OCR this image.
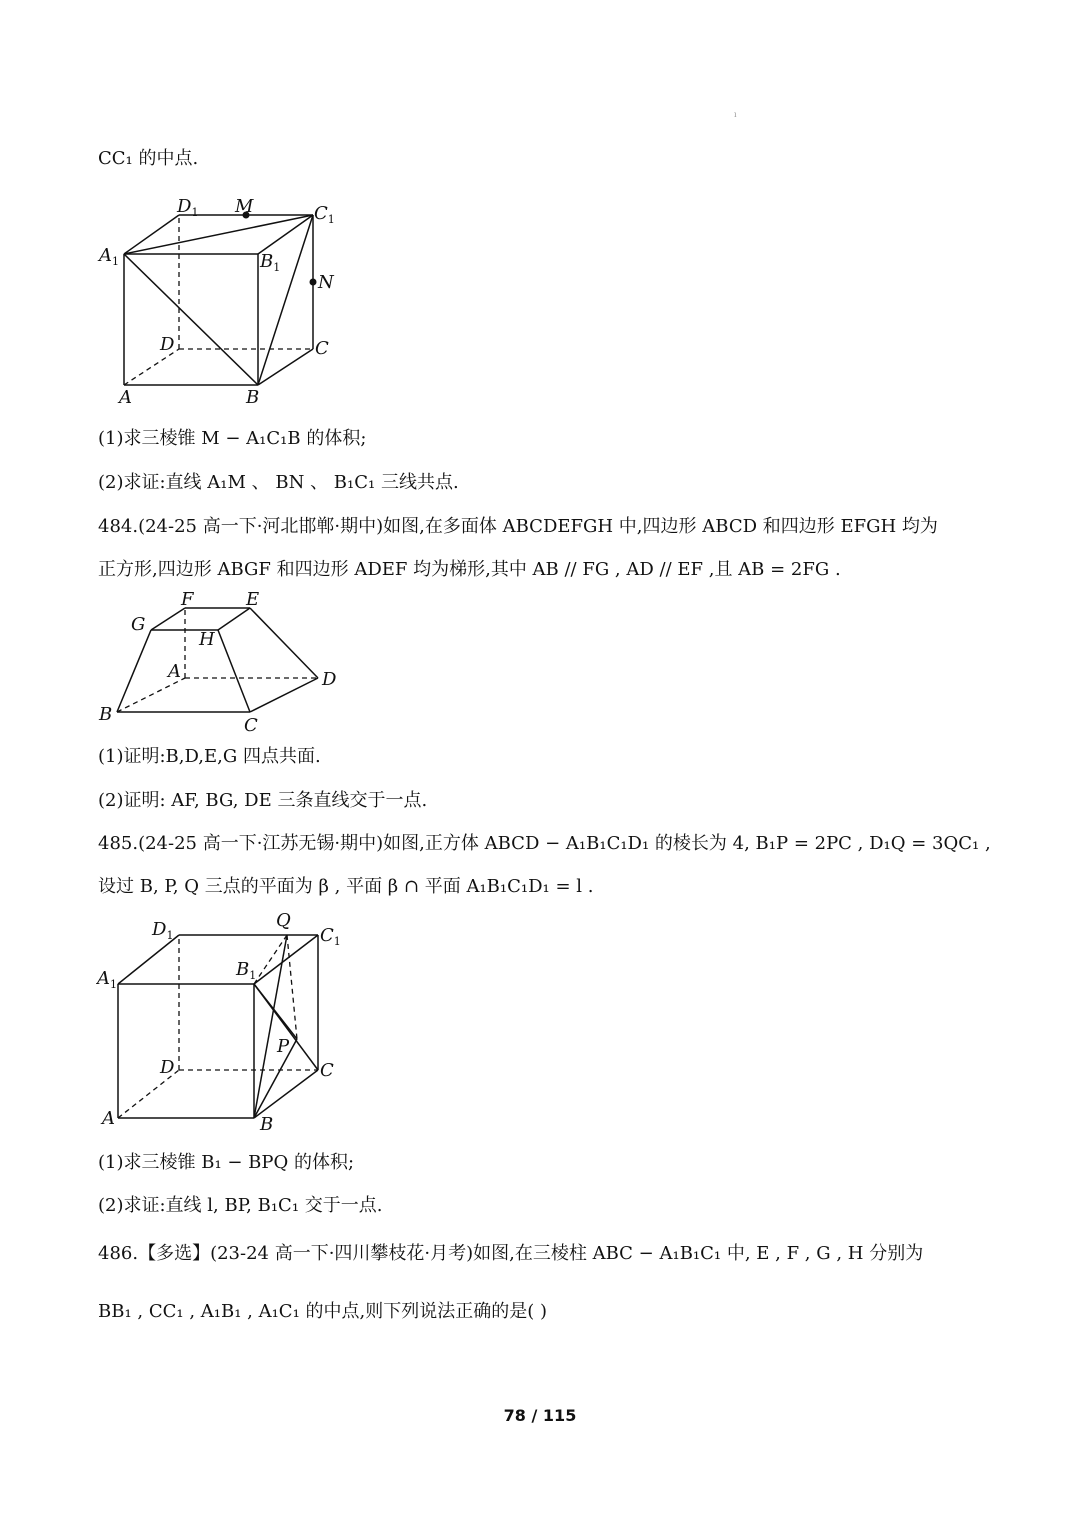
ı
CC₁ 的中点.
$D_1$ M	$C_1$
$A_1$	$B_1$
N
D	C
A	B
(1)求三棱锥 M − A₁C₁B 的体积;
(2)求证:直线 A₁M 、 BN 、 B₁C₁ 三线共点.
484.(24-25 高一下·河北邯郸·期中)如图,在多面体 ABCDEFGH 中,四边形 ABCD 和四边形 EFGH 均为
正方形,四边形 ABGF 和四边形 ADEF 均为梯形,其中 AB // FG , AD // EF ,且 AB = 2FG .
F	E
G
H
A	D
B
C
(1)证明:B,D,E,G 四点共面.
(2)证明: AF, BG, DE 三条直线交于一点.
485.(24-25 高一下·江苏无锡·期中)如图,正方体 ABCD − A₁B₁C₁D₁ 的棱长为 4, B₁P = 2PC , D₁Q = 3QC₁ ,
设过 B, P, Q 三点的平面为 β , 平面 β ∩ 平面 A₁B₁C₁D₁ = l .
$D_1$
Q
$C_1$
$A_1$
$B_1$
P
D	C
A	B
(1)求三棱锥 B₁ − BPQ 的体积;
(2)求证:直线 l, BP, B₁C₁ 交于一点.
486.【多选】(23-24 高一下·四川攀枝花·月考)如图,在三棱柱 ABC − A₁B₁C₁ 中, E , F , G , H 分别为
BB₁ , CC₁ , A₁B₁ , A₁C₁ 的中点,则下列说法正确的是( )
78 / 115
